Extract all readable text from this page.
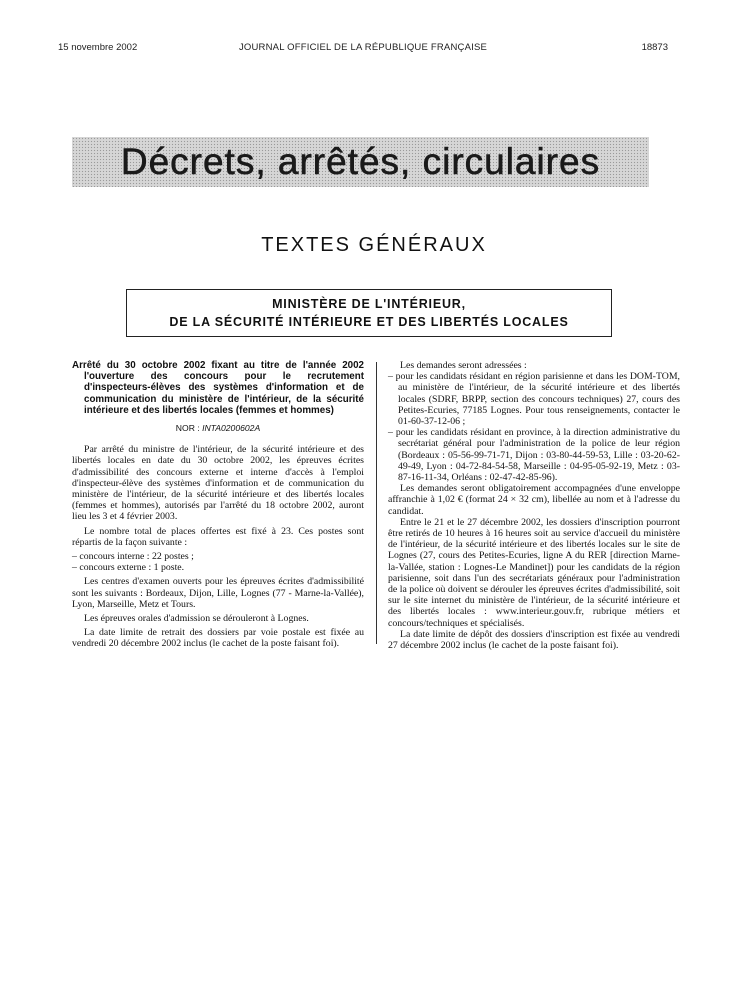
15 novembre 2002	JOURNAL OFFICIEL DE LA RÉPUBLIQUE FRANÇAISE	18873
Décrets, arrêtés, circulaires
TEXTES GÉNÉRAUX
MINISTÈRE DE L'INTÉRIEUR,
DE LA SÉCURITÉ INTÉRIEURE ET DES LIBERTÉS LOCALES
Arrêté du 30 octobre 2002 fixant au titre de l'année 2002 l'ouverture des concours pour le recrutement d'inspecteurs-élèves des systèmes d'information et de communication du ministère de l'intérieur, de la sécurité intérieure et des libertés locales (femmes et hommes)
NOR : INTA0200602A

Par arrêté du ministre de l'intérieur, de la sécurité intérieure et des libertés locales en date du 30 octobre 2002, les épreuves écrites d'admissibilité des concours externe et interne d'accès à l'emploi d'inspecteur-élève des systèmes d'information et de communication du ministère de l'intérieur, de la sécurité intérieure et des libertés locales (femmes et hommes), autorisés par l'arrêté du 18 octobre 2002, auront lieu les 3 et 4 février 2003.

Le nombre total de places offertes est fixé à 23. Ces postes sont répartis de la façon suivante :

– concours interne : 22 postes ;
– concours externe : 1 poste.

Les centres d'examen ouverts pour les épreuves écrites d'admissibilité sont les suivants : Bordeaux, Dijon, Lille, Lognes (77 - Marne-la-Vallée), Lyon, Marseille, Metz et Tours.

Les épreuves orales d'admission se dérouleront à Lognes.

La date limite de retrait des dossiers par voie postale est fixée au vendredi 20 décembre 2002 inclus (le cachet de la poste faisant foi).

Les demandes seront adressées :

– pour les candidats résidant en région parisienne et dans les DOM-TOM, au ministère de l'intérieur, de la sécurité intérieure et des libertés locales (SDRF, BRPP, section des concours techniques) 27, cours des Petites-Ecuries, 77185 Lognes. Pour tous renseignements, contacter le 01-60-37-12-06 ;
– pour les candidats résidant en province, à la direction administrative du secrétariat général pour l'administration de la police de leur région (Bordeaux : 05-56-99-71-71, Dijon : 03-80-44-59-53, Lille : 03-20-62-49-49, Lyon : 04-72-84-54-58, Marseille : 04-95-05-92-19, Metz : 03-87-16-11-34, Orléans : 02-47-42-85-96).

Les demandes seront obligatoirement accompagnées d'une enveloppe affranchie à 1,02 € (format 24 × 32 cm), libellée au nom et à l'adresse du candidat.

Entre le 21 et le 27 décembre 2002, les dossiers d'inscription pourront être retirés de 10 heures à 16 heures soit au service d'accueil du ministère de l'intérieur, de la sécurité intérieure et des libertés locales sur le site de Lognes (27, cours des Petites-Ecuries, ligne A du RER [direction Marne-la-Vallée, station : Lognes-Le Mandinet]) pour les candidats de la région parisienne, soit dans l'un des secrétariats généraux pour l'administration de la police où doivent se dérouler les épreuves écrites d'admissibilité, soit sur le site internet du ministère de l'intérieur, de la sécurité intérieure et des libertés locales : www.interieur.gouv.fr, rubrique métiers et concours/techniques et spécialisés.

La date limite de dépôt des dossiers d'inscription est fixée au vendredi 27 décembre 2002 inclus (le cachet de la poste faisant foi).
